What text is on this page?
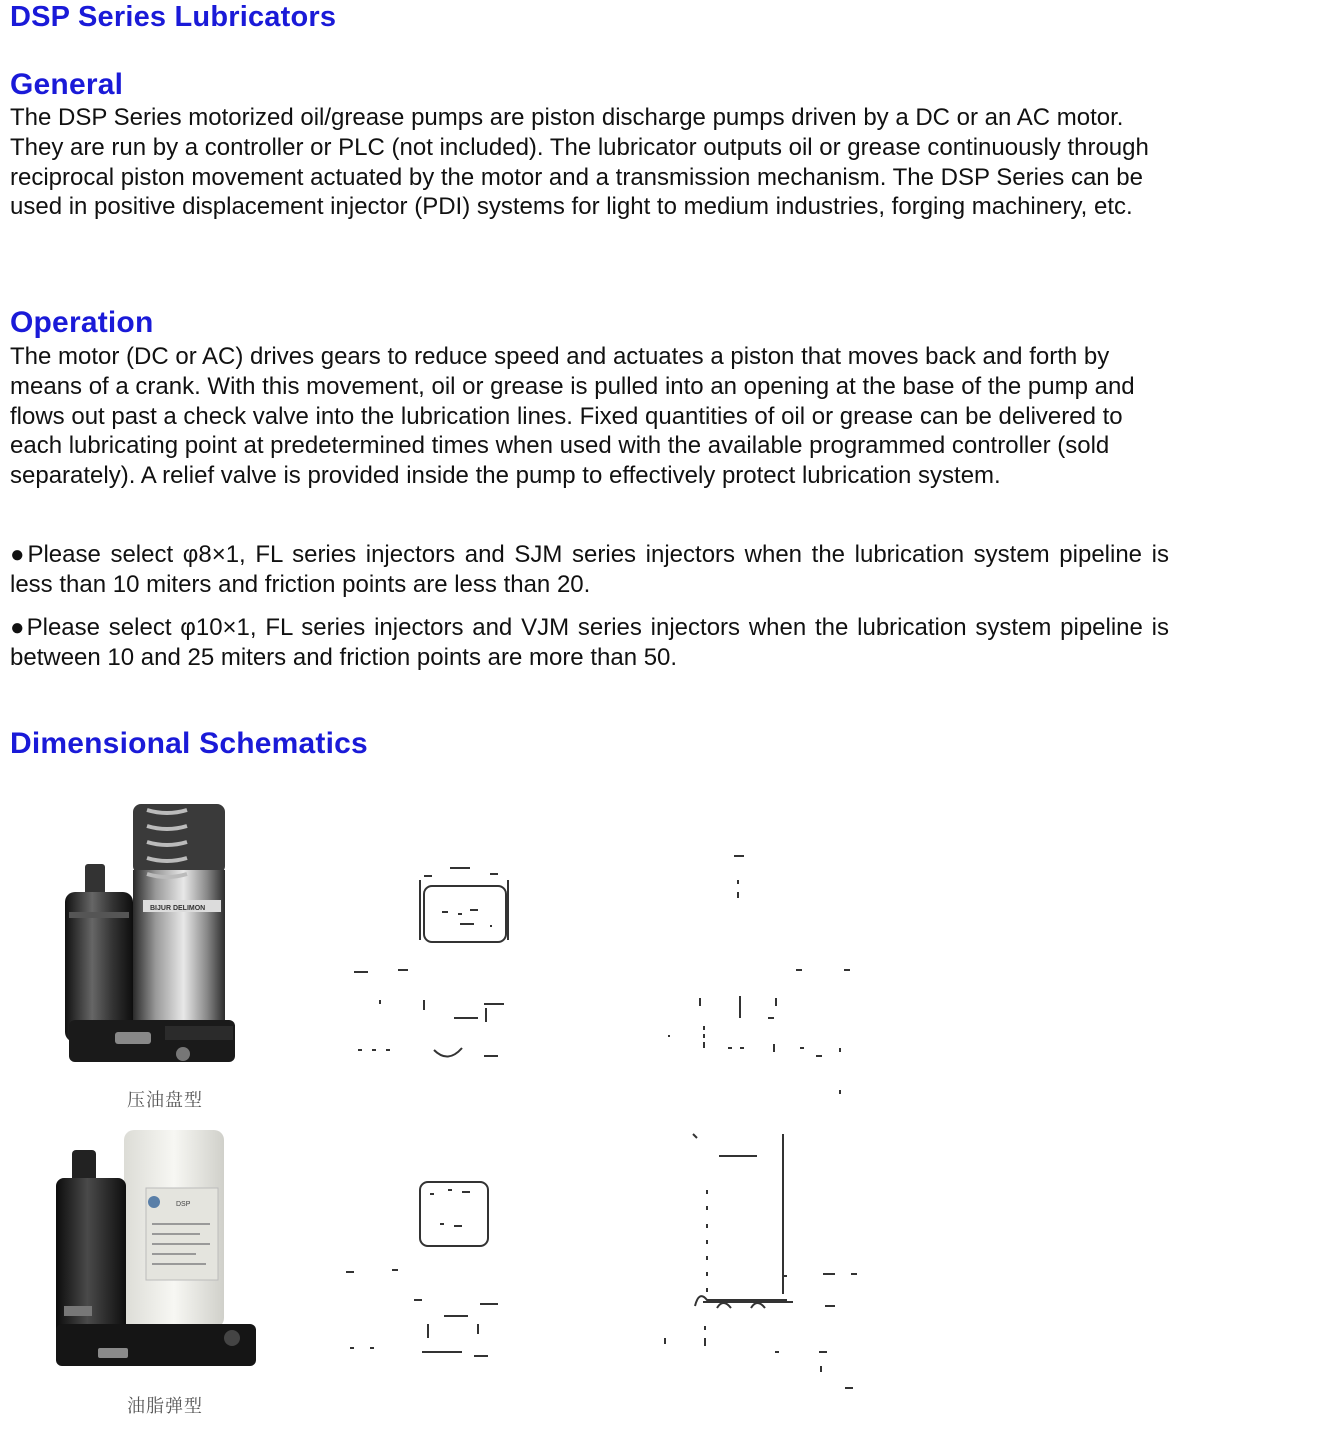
DSP Series Lubricators
General

The DSP Series motorized oil/grease pumps are piston discharge pumps driven by a DC or an AC motor. They are run by a controller or PLC (not included). The lubricator outputs oil or grease continuously through reciprocal piston movement actuated by the motor and a transmission mechanism. The DSP Series can be used in positive displacement injector (PDI) systems for light to medium industries, forging machinery, etc.

Operation

The motor (DC or AC) drives gears to reduce speed and actuates a piston that moves back and forth by means of a crank. With this movement, oil or grease is pulled into an opening at the base of the pump and flows out past a check valve into the lubrication lines. Fixed quantities of oil or grease can be delivered to each lubricating point at predetermined times when used with the available programmed controller (sold separately). A relief valve is provided inside the pump to effectively protect lubrication system.

●Please select φ8×1, FL series injectors and SJM series injectors when the lubrication system pipeline is less than 10 miters and friction points are less than 20.

●Please select φ10×1, FL series injectors and VJM series injectors when the lubrication system pipeline is between 10 and 25 miters and friction points are more than 50.

Dimensional Schematics
BIJUR DELIMON
压油盘型
DSP
油脂弹型
